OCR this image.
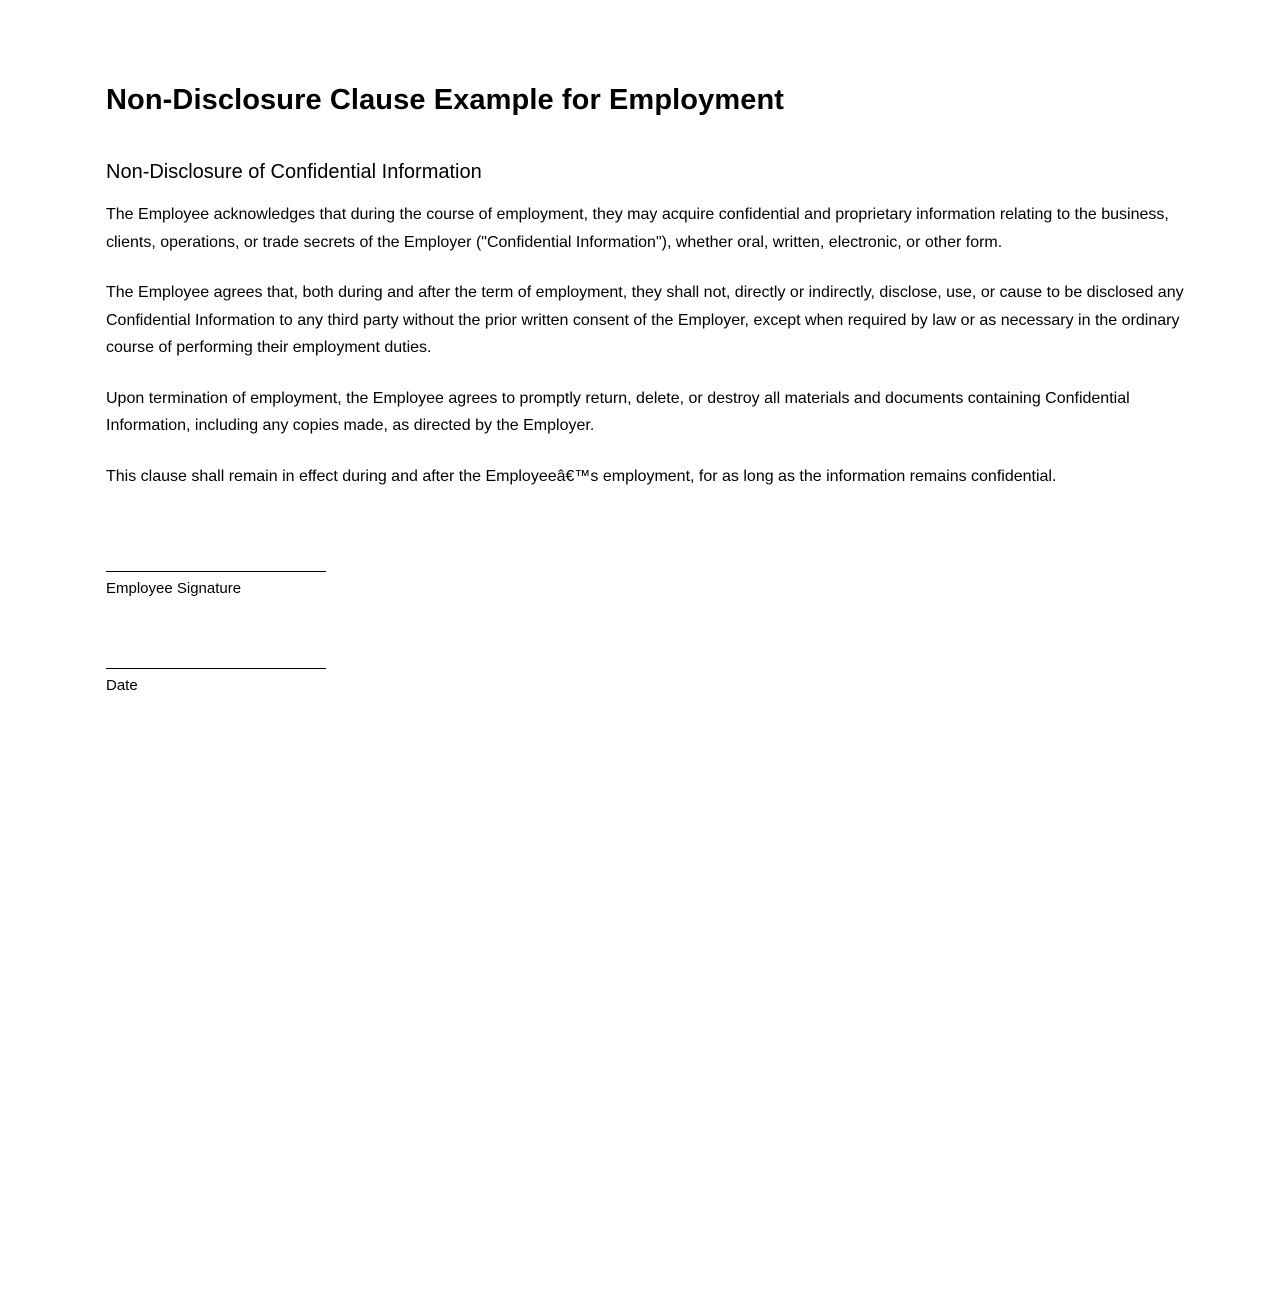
Non-Disclosure Clause Example for Employment
Non-Disclosure of Confidential Information

The Employee acknowledges that during the course of employment, they may acquire confidential and proprietary information relating to the business, clients, operations, or trade secrets of the Employer ("Confidential Information"), whether oral, written, electronic, or other form.

The Employee agrees that, both during and after the term of employment, they shall not, directly or indirectly, disclose, use, or cause to be disclosed any Confidential Information to any third party without the prior written consent of the Employer, except when required by law or as necessary in the ordinary course of performing their employment duties.

Upon termination of employment, the Employee agrees to promptly return, delete, or destroy all materials and documents containing Confidential Information, including any copies made, as directed by the Employer.

This clause shall remain in effect during and after the Employeeâ€™s employment, for as long as the information remains confidential.

Employee Signature
Date
